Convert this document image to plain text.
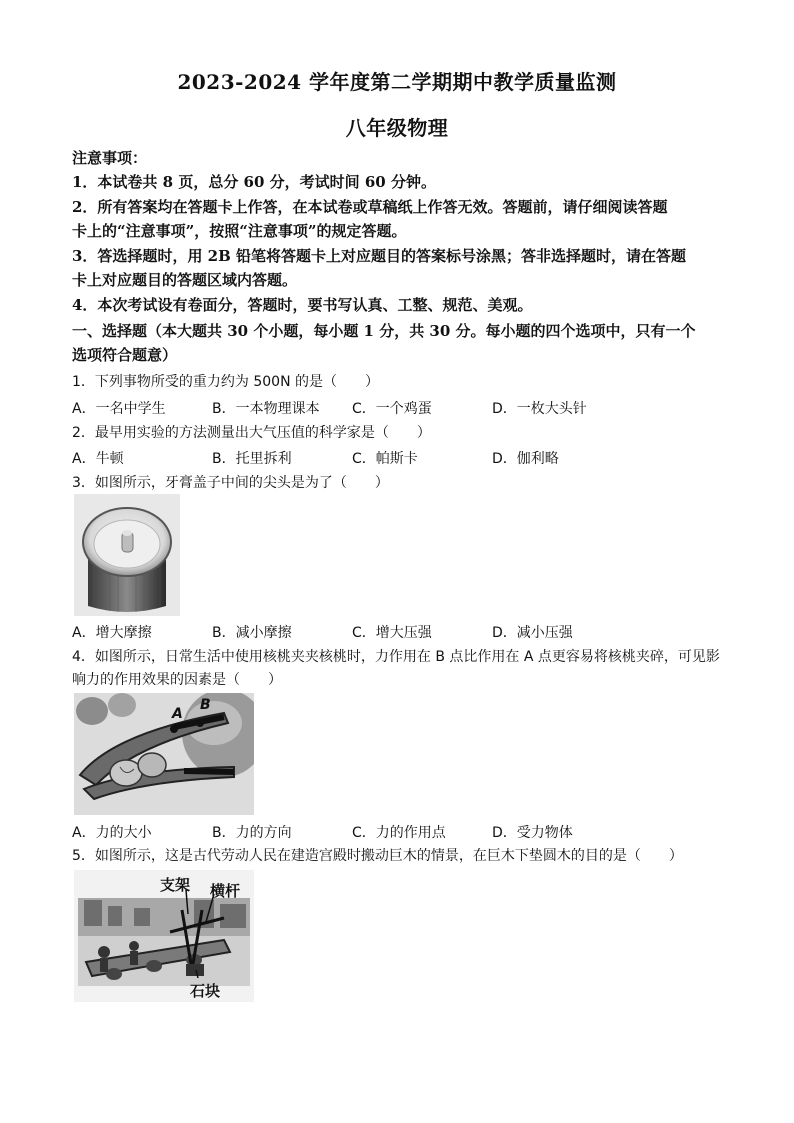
2023-2024 学年度第二学期期中教学质量监测
八年级物理
注意事项：
1．本试卷共 8 页，总分 60 分，考试时间 60 分钟。
2．所有答案均在答题卡上作答，在本试卷或草稿纸上作答无效。答题前，请仔细阅读答题
卡上的“注意事项”，按照“注意事项”的规定答题。
3．答选择题时，用 2B 铅笔将答题卡上对应题目的答案标号涂黑；答非选择题时，请在答题
卡上对应题目的答题区域内答题。
4．本次考试设有卷面分，答题时，要书写认真、工整、规范、美观。
一、选择题（本大题共 30 个小题，每小题 1 分，共 30 分。每小题的四个选项中，只有一个
选项符合题意）
1．下列事物所受的重力约为 500N 的是（　　）
A．一名中学生	B．一本物理课本 C．一个鸡蛋	D．一枚大头针
2．最早用实验的方法测量出大气压值的科学家是（　　）
A．牛顿	B．托里拆利	C．帕斯卡	D．伽利略
3．如图所示，牙膏盖子中间的尖头是为了（　　）
A．增大摩擦	B．减小摩擦	C．增大压强	D．减小压强
4．如图所示，日常生活中使用核桃夹夹核桃时，力作用在 B 点比作用在 A 点更容易将核桃夹碎，可见影
响力的作用效果的因素是（　　）
A
B
A．力的大小	B．力的方向	C．力的作用点	D．受力物体
5．如图所示，这是古代劳动人民在建造宫殿时搬动巨木的情景，在巨木下垫圆木的目的是（　　）
支架 横杆
石块
